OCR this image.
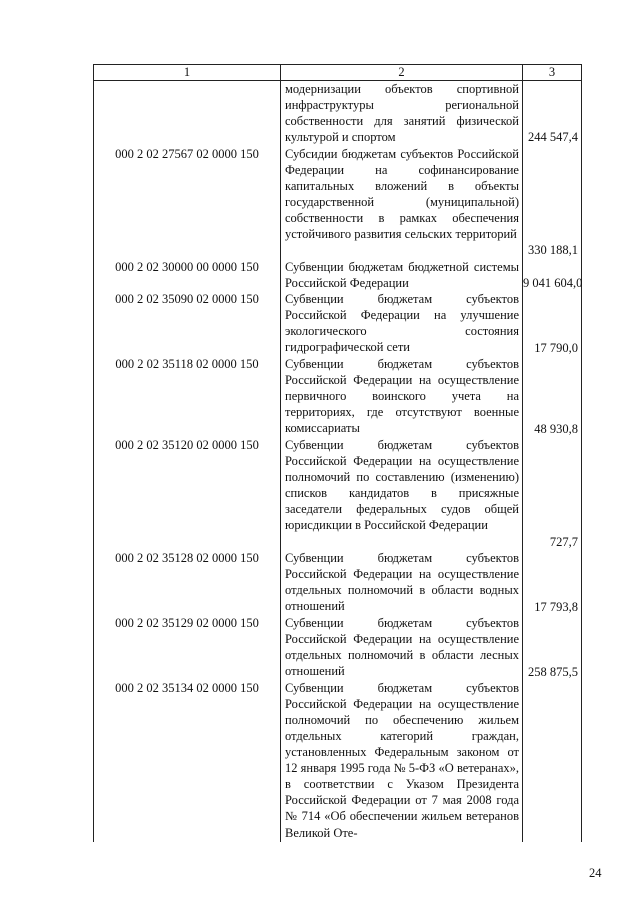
1	2	3
	модернизации объектов спортивной инфраструктуры региональной собственности для занятий физической культурой и спортом	244 547,4
000 2 02 27567 02 0000 150	Субсидии бюджетам субъектов Российской Федерации на софинансирование капитальных вложений в объекты государственной (муниципальной) собственности в рамках обеспечения устойчивого развития сельских территорий	330 188,1
000 2 02 30000 00 0000 150	Субвенции бюджетам бюджетной системы Российской Федерации	9 041 604,0
000 2 02 35090 02 0000 150	Субвенции бюджетам субъектов Российской Федерации на улучшение экологического состояния гидрографической сети	17 790,0
000 2 02 35118 02 0000 150	Субвенции бюджетам субъектов Российской Федерации на осуществление первичного воинского учета на территориях, где отсутствуют военные комиссариаты	48 930,8
000 2 02 35120 02 0000 150	Субвенции бюджетам субъектов Российской Федерации на осуществление полномочий по составлению (изменению) списков кандидатов в присяжные заседатели федеральных судов общей юрисдикции в Российской Федерации	727,7
000 2 02 35128 02 0000 150	Субвенции бюджетам субъектов Российской Федерации на осуществление отдельных полномочий в области водных отношений	17 793,8
000 2 02 35129 02 0000 150	Субвенции бюджетам субъектов Российской Федерации на осуществление отдельных полномочий в области лесных отношений	258 875,5
000 2 02 35134 02 0000 150	Субвенции бюджетам субъектов Российской Федерации на осуществление полномочий по обеспечению жильем отдельных категорий граждан, установленных Федеральным законом от 12 января 1995 года № 5-ФЗ «О ветеранах», в соответствии с Указом Президента Российской Федерации от 7 мая 2008 года № 714 «Об обеспечении жильем ветеранов Великой Оте-	
24
